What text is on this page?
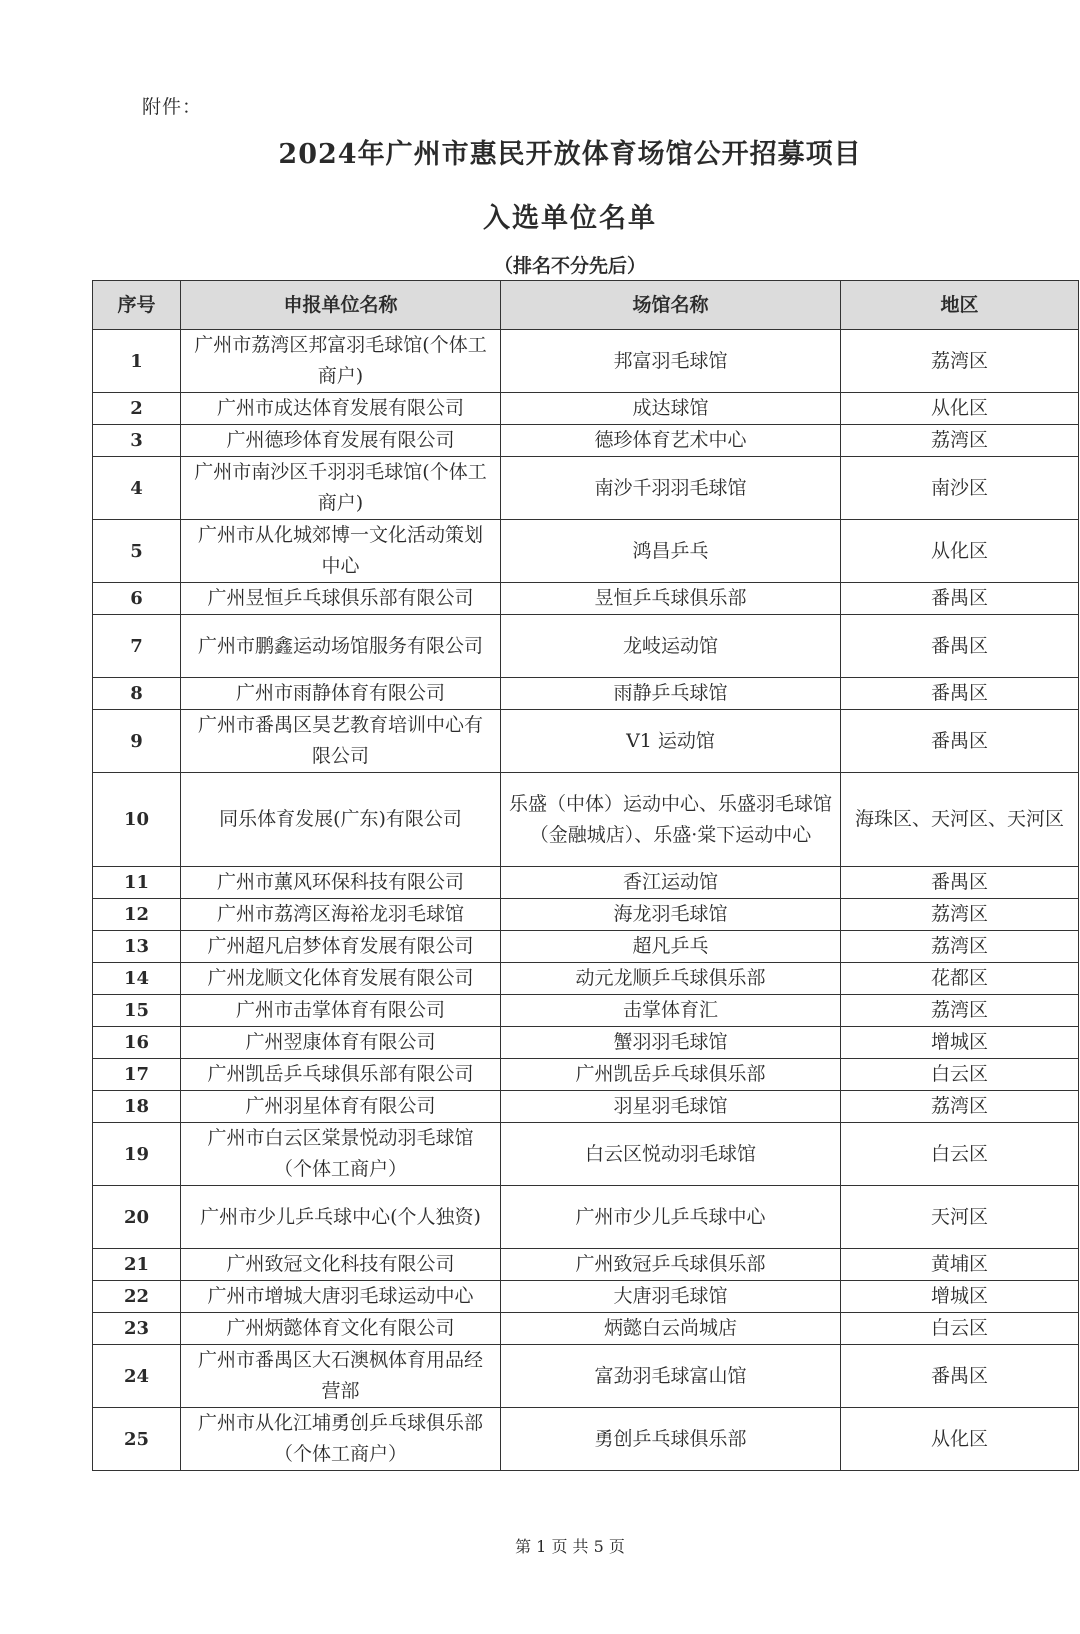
附件：
2024年广州市惠民开放体育场馆公开招募项目
入选单位名单
（排名不分先后）
序号	申报单位名称	场馆名称	地区
1	广州市荔湾区邦富羽毛球馆(个体工商户)	邦富羽毛球馆	荔湾区
2	广州市成达体育发展有限公司	成达球馆	从化区
3	广州德珍体育发展有限公司	德珍体育艺术中心	荔湾区
4	广州市南沙区千羽羽毛球馆(个体工商户)	南沙千羽羽毛球馆	南沙区
5	广州市从化城郊博一文化活动策划中心	鸿昌乒乓	从化区
6	广州昱恒乒乓球俱乐部有限公司	昱恒乒乓球俱乐部	番禺区
7	广州市鹏鑫运动场馆服务有限公司	龙岐运动馆	番禺区
8	广州市雨静体育有限公司	雨静乒乓球馆	番禺区
9	广州市番禺区昊艺教育培训中心有限公司	V1 运动馆	番禺区
10	同乐体育发展(广东)有限公司	乐盛（中体）运动中心、乐盛羽毛球馆（金融城店）、乐盛·棠下运动中心	海珠区、天河区、天河区
11	广州市薰风环保科技有限公司	香江运动馆	番禺区
12	广州市荔湾区海裕龙羽毛球馆	海龙羽毛球馆	荔湾区
13	广州超凡启梦体育发展有限公司	超凡乒乓	荔湾区
14	广州龙顺文化体育发展有限公司	动元龙顺乒乓球俱乐部	花都区
15	广州市击掌体育有限公司	击掌体育汇	荔湾区
16	广州翌康体育有限公司	蟹羽羽毛球馆	增城区
17	广州凯岳乒乓球俱乐部有限公司	广州凯岳乒乓球俱乐部	白云区
18	广州羽星体育有限公司	羽星羽毛球馆	荔湾区
19	广州市白云区棠景悦动羽毛球馆（个体工商户）	白云区悦动羽毛球馆	白云区
20	广州市少儿乒乓球中心(个人独资)	广州市少儿乒乓球中心	天河区
21	广州致冠文化科技有限公司	广州致冠乒乓球俱乐部	黄埔区
22	广州市增城大唐羽毛球运动中心	大唐羽毛球馆	增城区
23	广州炳懿体育文化有限公司	炳懿白云尚城店	白云区
24	广州市番禺区大石澳枫体育用品经营部	富劲羽毛球富山馆	番禺区
25	广州市从化江埔勇创乒乓球俱乐部（个体工商户）	勇创乒乓球俱乐部	从化区
第 1 页 共 5 页
